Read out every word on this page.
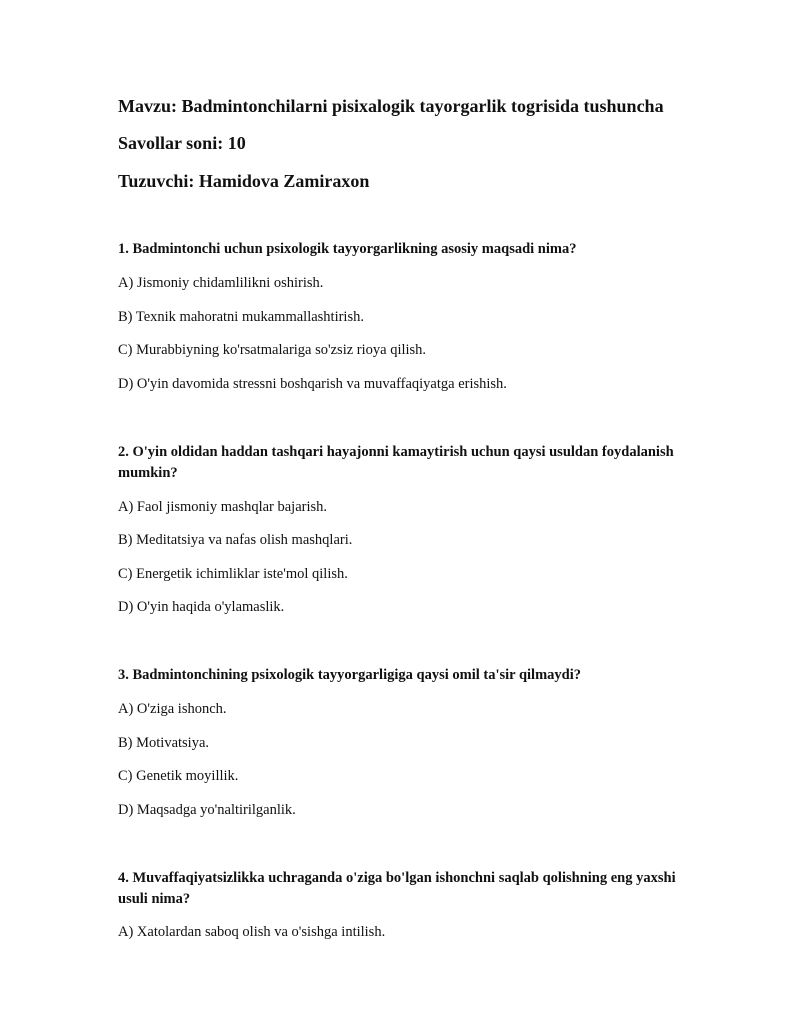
Mavzu: Badmintonchilarni pisixalogik tayorgarlik togrisida tushuncha
Savollar soni: 10
Tuzuvchi: Hamidova Zamiraxon
1. Badmintonchi uchun psixologik tayyorgarlikning asosiy maqsadi nima?
A) Jismoniy chidamlilikni oshirish.
B) Texnik mahoratni mukammallashtirish.
C) Murabbiyning ko'rsatmalariga so'zsiz rioya qilish.
D) O'yin davomida stressni boshqarish va muvaffaqiyatga erishish.
2. O'yin oldidan haddan tashqari hayajonni kamaytirish uchun qaysi usuldan foydalanish mumkin?
A) Faol jismoniy mashqlar bajarish.
B) Meditatsiya va nafas olish mashqlari.
C) Energetik ichimliklar iste'mol qilish.
D) O'yin haqida o'ylamaslik.
3. Badmintonchining psixologik tayyorgarligiga qaysi omil ta'sir qilmaydi?
A) O'ziga ishonch.
B) Motivatsiya.
C) Genetik moyillik.
D) Maqsadga yo'naltirilganlik.
4. Muvaffaqiyatsizlikka uchraganda o'ziga bo'lgan ishonchni saqlab qolishning eng yaxshi usuli nima?
A) Xatolardan saboq olish va o'sishga intilish.
